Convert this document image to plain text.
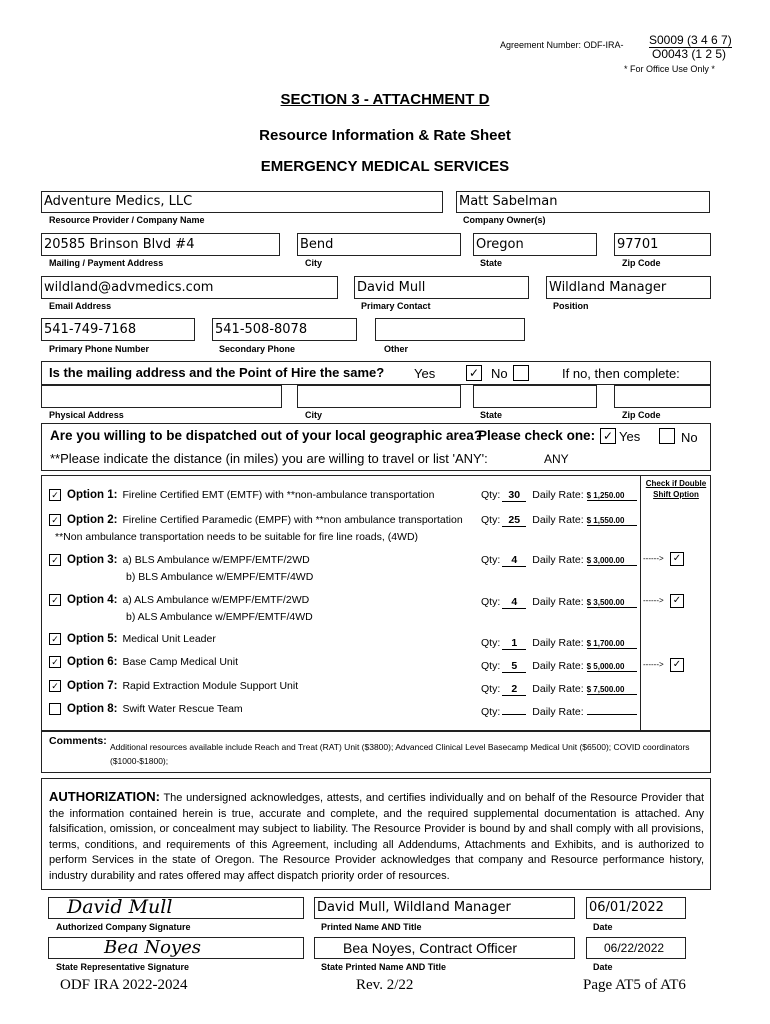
Agreement Number: ODF-IRA- S0009 (3 4 6 7)
O0043 (1 2 5)
* For Office Use Only *
SECTION 3 - ATTACHMENT D
Resource Information & Rate Sheet
EMERGENCY MEDICAL SERVICES
Adventure Medics, LLC
Resource Provider / Company Name
Matt Sabelman
Company Owner(s)
20585 Brinson Blvd #4
Mailing / Payment Address
Bend
City
Oregon
State
97701
Zip Code
wildland@advmedics.com
Email Address
David Mull
Primary Contact
Wildland Manager
Position
541-749-7168
Primary Phone Number
541-508-8078
Secondary Phone	Other
Is the mailing address and the Point of Hire the same? Yes	✓ No	If no, then complete:
Physical Address	City	State	Zip Code
Are you willing to be dispatched out of your local geographic area?
Please check one: ✓ Yes	No
**Please indicate the distance (in miles) you are willing to travel or list 'ANY':	ANY
Check if Double
Shift Option
✓ Option 1: Fireline Certified EMT (EMTF) with **non-ambulance transportation	Qty: 30 Daily Rate: $ 1,250.00
✓ Option 2: Fireline Certified Paramedic (EMPF) with **non ambulance transportation
**Non ambulance transportation needs to be suitable for fire line roads, (4WD)
Qty: 25 Daily Rate: $ 1,550.00
✓ Option 3: a) BLS Ambulance w/EMPF/EMTF/2WD
b) BLS Ambulance w/EMPF/EMTF/4WD
Qty: 4 Daily Rate: $ 3,000.00	------> ✓
✓ Option 4: a) ALS Ambulance w/EMPF/EMTF/2WD
b) ALS Ambulance w/EMPF/EMTF/4WD
Qty: 4 Daily Rate: $ 3,500.00	------> ✓
✓ Option 5: Medical Unit Leader	Qty: 1 Daily Rate: $ 1,700.00
✓ Option 6: Base Camp Medical Unit	Qty: 5 Daily Rate: $ 5,000.00	------> ✓
✓ Option 7: Rapid Extraction Module Support Unit	Qty: 2 Daily Rate: $ 7,500.00
Option 8: Swift Water Rescue Team	Qty:	Daily Rate:
Comments: Additional resources available include Reach and Treat (RAT) Unit ($3800); Advanced Clinical Level Basecamp Medical Unit ($6500); COVID coordinators ($1000-$1800);
AUTHORIZATION: The undersigned acknowledges, attests, and certifies individually and on behalf of the Resource Provider that the information contained herein is true, accurate and complete, and the required supplemental documentation is attached. Any falsification, omission, or concealment may subject to liability. The Resource Provider is bound by and shall comply with all provisions, terms, conditions, and requirements of this Agreement, including all Addendums, Attachments and Exhibits, and is authorized to perform Services in the state of Oregon. The Resource Provider acknowledges that company and Resource performance history, industry durability and rates offered may affect dispatch priority order of resources.
David Mull
Authorized Company Signature
David Mull, Wildland Manager
Printed Name AND Title
06/01/2022
Date
Bea Noyes
State Representative Signature
Bea Noyes, Contract Officer
State Printed Name AND Title
06/22/2022
Date
ODF IRA 2022-2024	Rev. 2/22	Page AT5 of AT6
